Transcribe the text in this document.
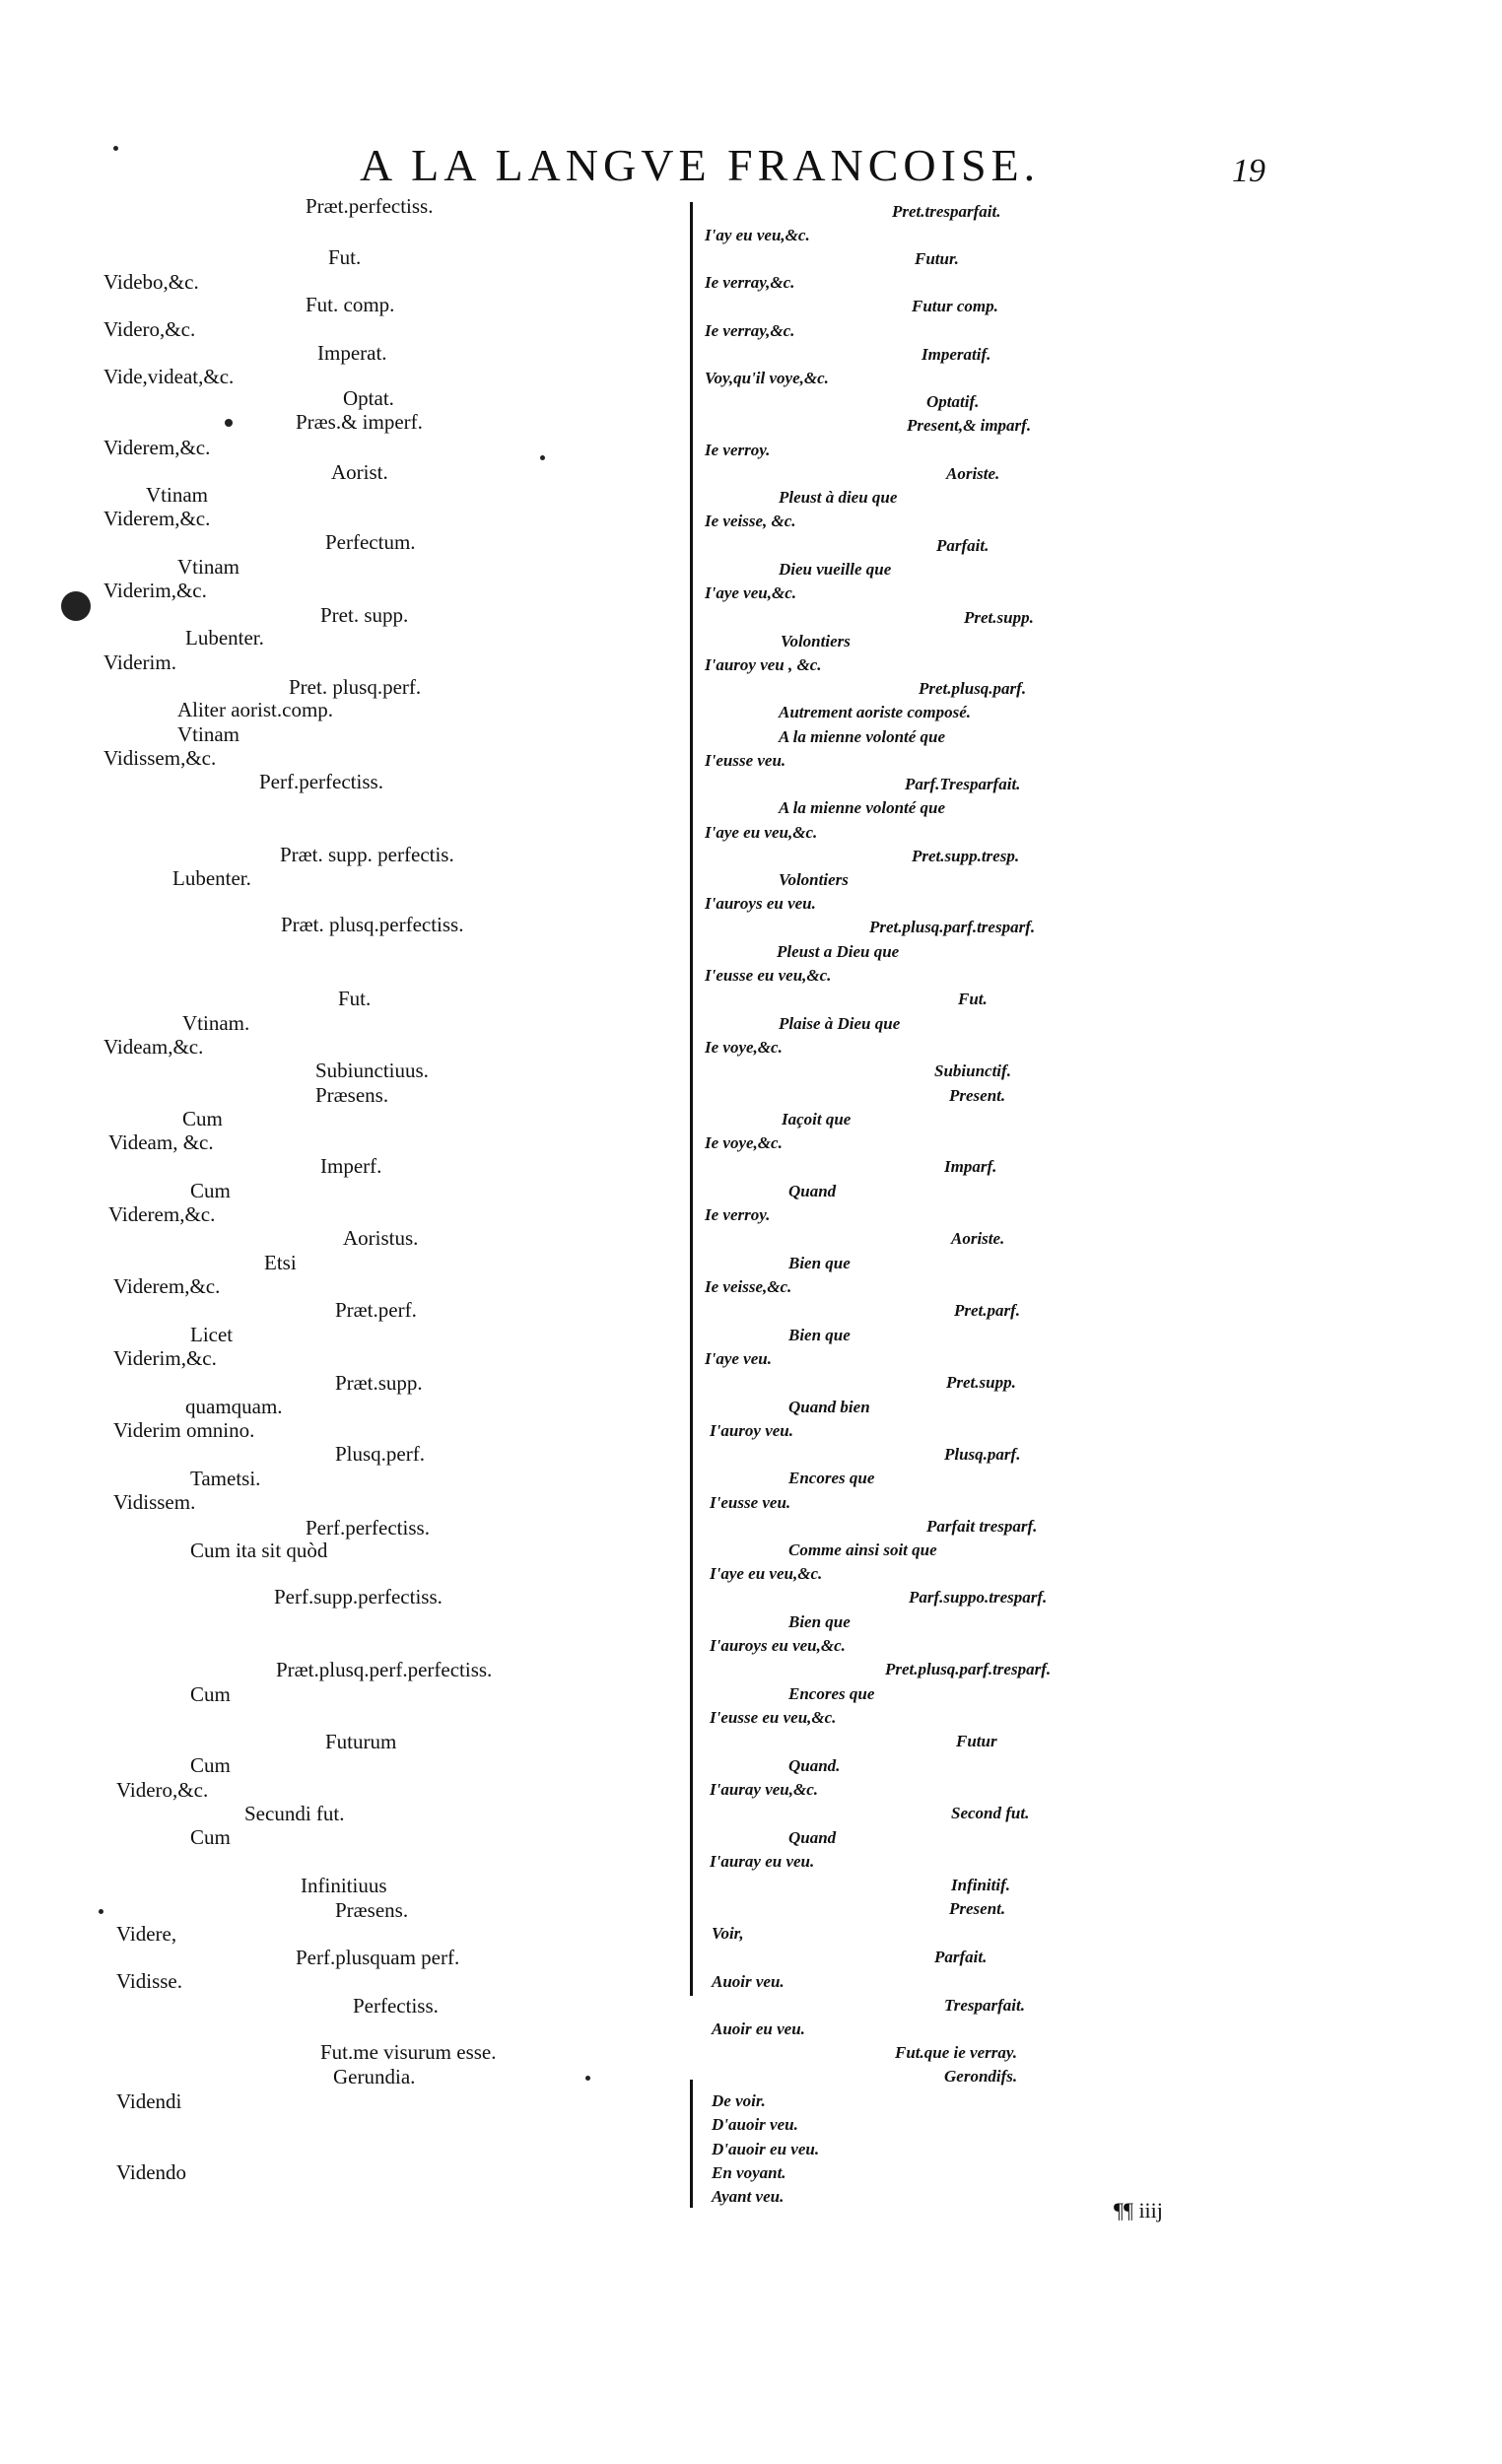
A LA LANGVE FRANCOISE.	19
Præt.perfectiss.
Fut.
Fut. comp.
Imperat.
Optat.
Præs.& imperf.
Aorist.
Perfectum.
Pret. supp.
Pret. plusq.perf.
Perf.perfectiss.
Præt. supp. perfectis.
Præt. plusq.perfectiss.
Fut.
Subiunctiuus.
Præsens.
Imperf.
Aoristus.
Præt.perf.
Præt.supp.
Plusq.perf.
Perf.perfectiss.
Perf.supp.perfectiss.
Præt.plusq.perf.perfectiss.
Futurum
Secundi fut.
Infinitiuus
Præsens.
Perf.plusquam perf.
Perfectiss.
Fut.me visurum esse.
Gerundia.
Videbo,&c.
Videro,&c.
Vide,videat,&c.
Viderem,&c.
Vtinam
Viderem,&c.
Vtinam
Viderim,&c.
Lubenter.
Viderim.
Aliter aorist.comp.
Vtinam
Vidissem,&c.
Lubenter.
Vtinam.
Videam,&c.
Cum
Videam, &c.
Cum
Viderem,&c.
Etsi
Viderem,&c.
Licet
Viderim,&c.
quamquam.
Viderim omnino.
Tametsi.
Vidissem.
Cum ita sit quòd
Cum
Cum
Videro,&c.
Cum
Videre,
Vidisse.
Videndi
Videndo
Pret.tresparfait.
Futur.
Futur comp.
Imperatif.
Optatif.
Present,& imparf.
Aoriste.
Parfait.
Pret.supp.
Pret.plusq.parf.
Parf.Tresparfait.
Pret.supp.tresp.
Pret.plusq.parf.tresparf.
Fut.
Subiunctif.
Present.
Imparf.
Aoriste.
Pret.parf.
Pret.supp.
Plusq.parf.
Parfait tresparf.
Parf.suppo.tresparf.
Pret.plusq.parf.tresparf.
Futur
Second fut.
Infinitif.
Present.
Parfait.
Tresparfait.
Fut.que ie verray.
Gerondifs.
I'ay eu veu,&c.
Ie verray,&c.
Ie verray,&c.
Voy,qu'il voye,&c.
Ie verroy.
Pleust à dieu que
Ie veisse, &c.
Dieu vueille que
I'aye veu,&c.
Volontiers
I'auroy veu , &c.
Autrement aoriste composé.
A la mienne volonté que
I'eusse veu.
A la mienne volonté que
I'aye eu veu,&c.
Volontiers
I'auroys eu veu.
Pleust a Dieu que
I'eusse eu veu,&c.
Plaise à Dieu que
Ie voye,&c.
Iaçoit que
Ie voye,&c.
Quand
Ie verroy.
Bien que
Ie veisse,&c.
Bien que
I'aye veu.
Quand bien
I'auroy veu.
Encores que
I'eusse veu.
Comme ainsi soit que
I'aye eu veu,&c.
Bien que
I'auroys eu veu,&c.
Encores que
I'eusse eu veu,&c.
Quand.
I'auray veu,&c.
Quand
I'auray eu veu.
Voir,
Auoir veu.
Auoir eu veu.
De voir.
D'auoir veu.
D'auoir eu veu.
En voyant.
Ayant veu.
¶¶ iiij
